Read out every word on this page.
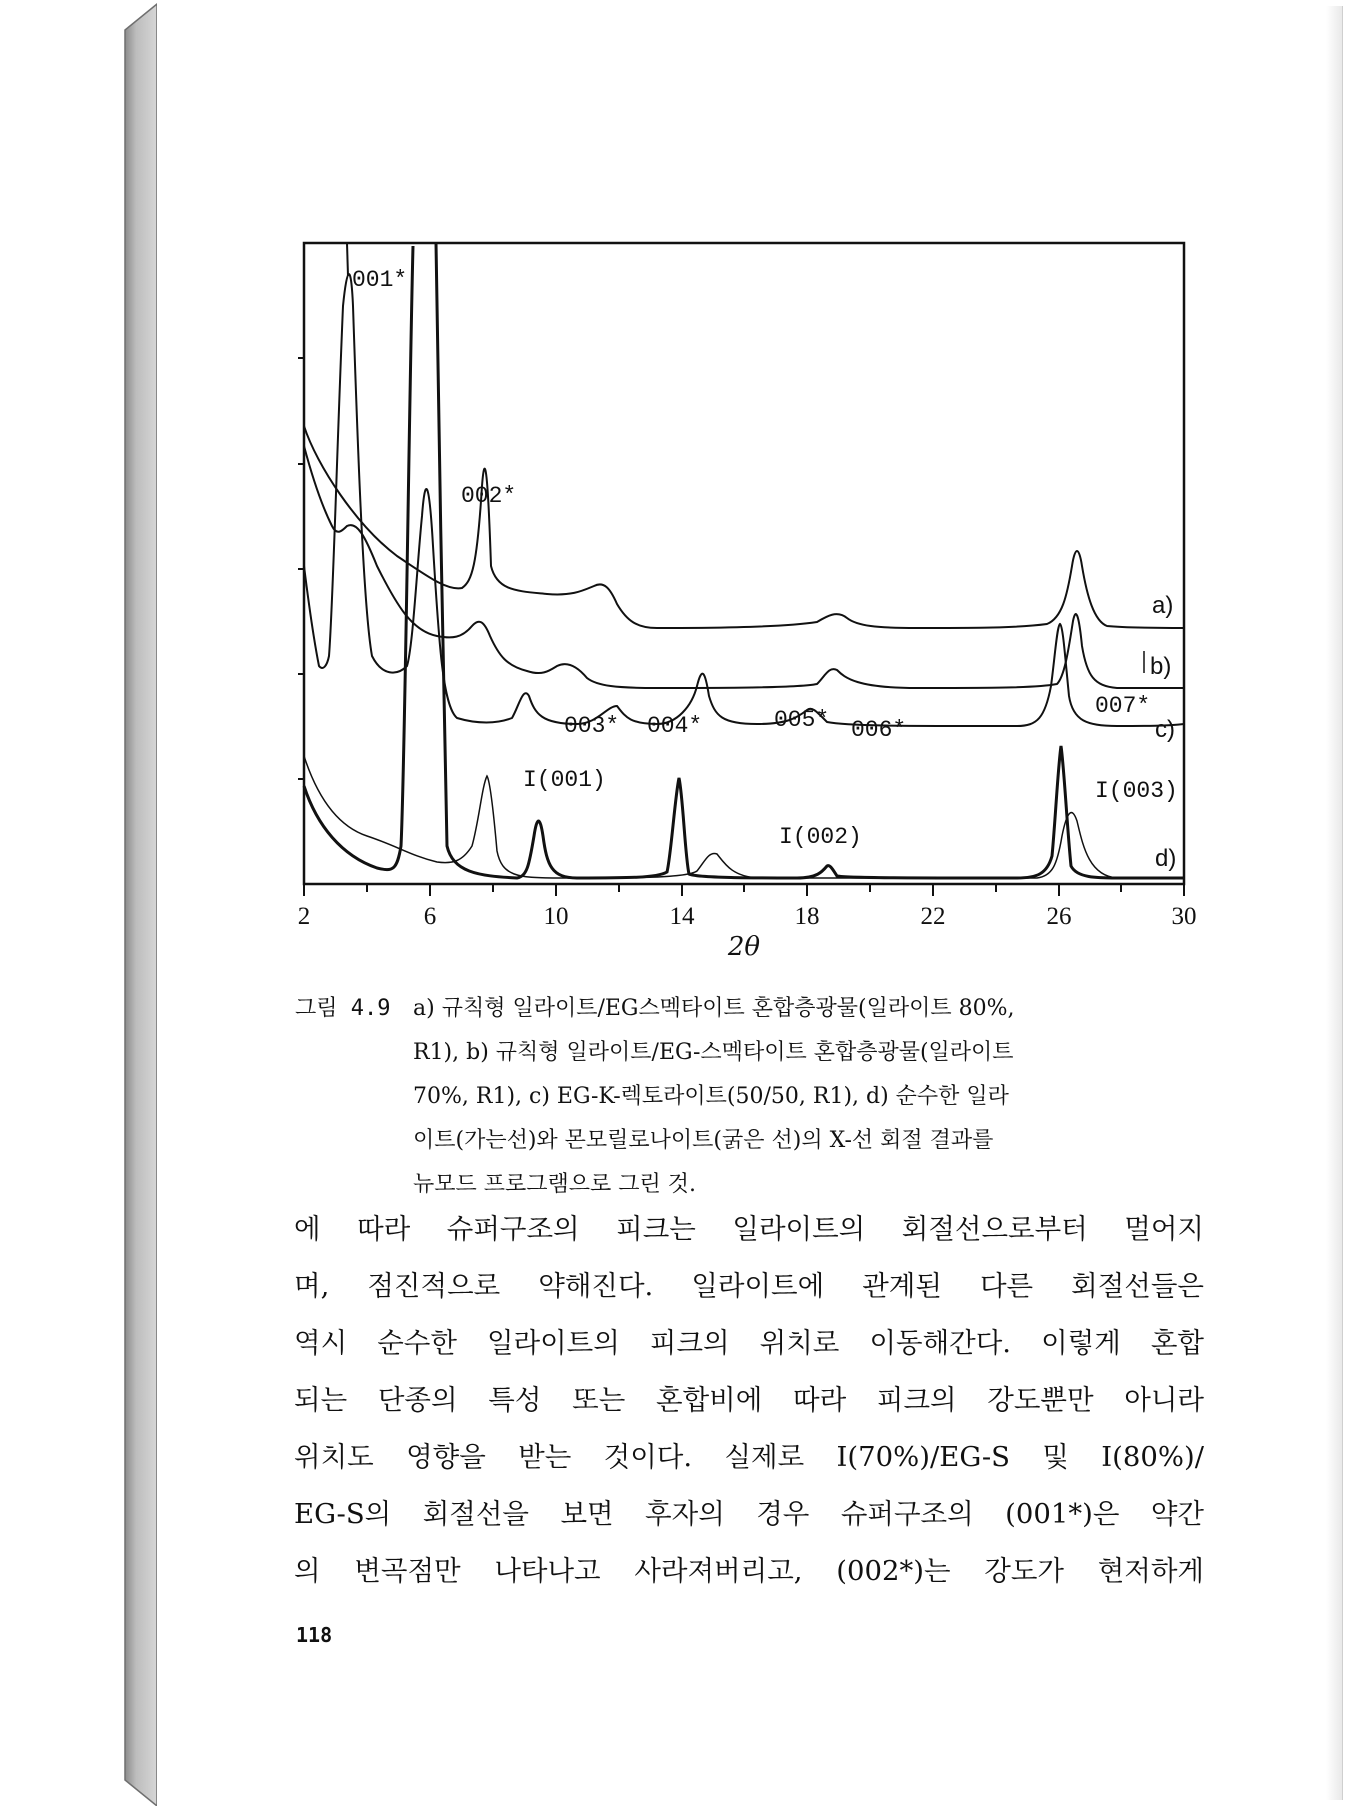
2	6	10	14	18	22	26	30
2θ
001*
002*
003* 004*	005* 006*
007*
I(001)
I(002)
I(003)
a)
b)
c)
d)
그림 4.9	a) 규칙형 일라이트/EG스멕타이트 혼합층광물(일라이트 80%,
R1), b) 규칙형 일라이트/EG-스멕타이트 혼합층광물(일라이트
70%, R1), c) EG-K-렉토라이트(50/50, R1), d) 순수한 일라
이트(가는선)와 몬모릴로나이트(굵은 선)의 X-선 회절 결과를
뉴모드 프로그램으로 그린 것.
에 따라 슈퍼구조의 피크는 일라이트의 회절선으로부터 멀어지
며, 점진적으로 약해진다. 일라이트에 관계된 다른 회절선들은
역시 순수한 일라이트의 피크의 위치로 이동해간다. 이렇게 혼합
되는 단종의 특성 또는 혼합비에 따라 피크의 강도뿐만 아니라
위치도 영향을 받는 것이다. 실제로 I(70%)/EG-S 및 I(80%)/
EG-S의 회절선을 보면 후자의 경우 슈퍼구조의 (001*)은 약간
의 변곡점만 나타나고 사라져버리고, (002*)는 강도가 현저하게
118
